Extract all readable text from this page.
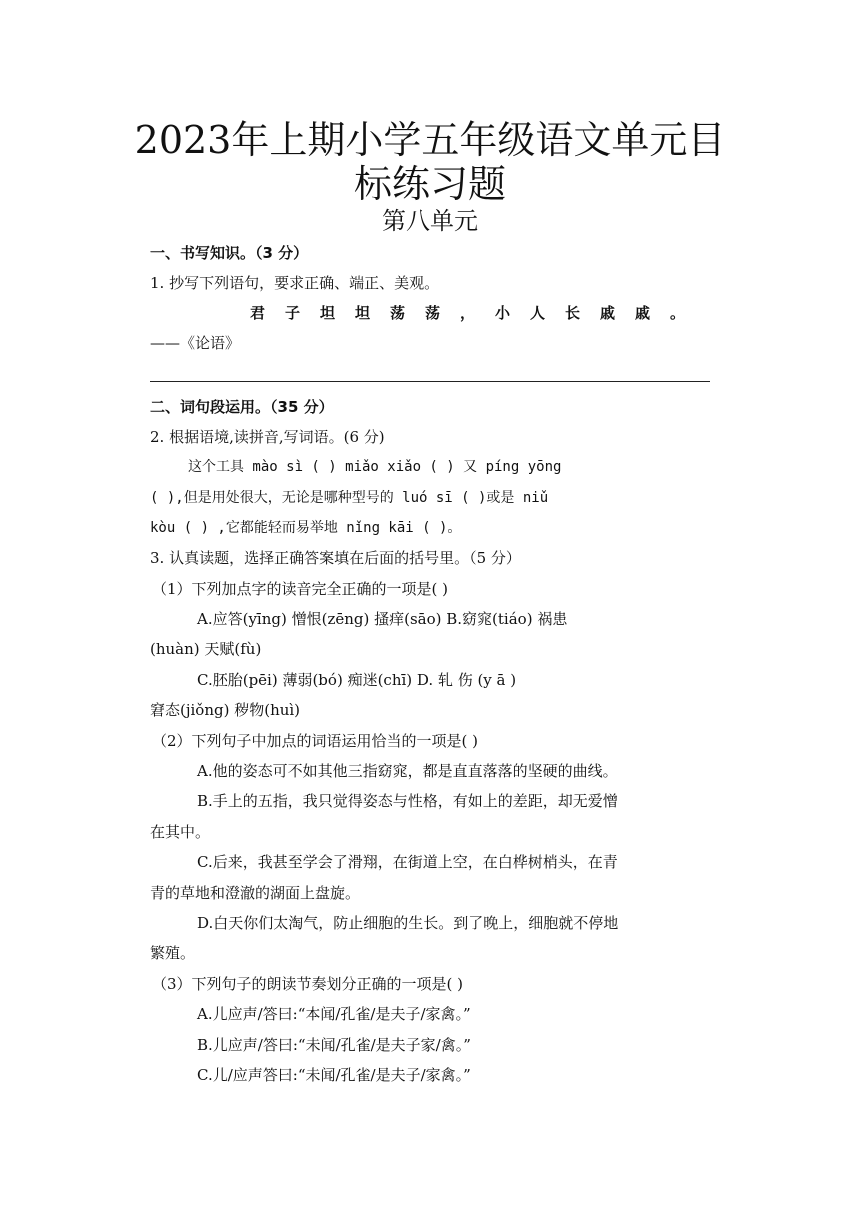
2023年上期小学五年级语文单元目
标练习题
第八单元
一、书写知识。（3 分）
1. 抄写下列语句，要求正确、端正、美观。
君子坦坦荡荡，小人长戚戚。
——《论语》
二、词句段运用。（35 分）
2. 根据语境,读拼音,写词语。(6 分)
这个工具 mào sì ( ) miǎo xiǎo ( ) 又 píng yōng
( ),但是用处很大，无论是哪种型号的 luó sī ( )或是 niǔ
kòu ( ) ,它都能轻而易举地 nǐng kāi ( )。
3. 认真读题，选择正确答案填在后面的括号里。（5 分）
（1）下列加点字的读音完全正确的一项是( )
A.应答(yīng) 憎恨(zēng) 搔痒(sāo) B.窈窕(tiáo) 祸患
(huàn) 天赋(fù)
C.胚胎(pēi) 薄弱(bó) 痴迷(chī) D. 轧 伤 (y ā )
窘态(jiǒng) 秽物(huì)
（2）下列句子中加点的词语运用恰当的一项是( )
A.他的姿态可不如其他三指窈窕，都是直直落落的坚硬的曲线。
B.手上的五指，我只觉得姿态与性格，有如上的差距，却无爱憎
在其中。
C.后来，我甚至学会了滑翔，在街道上空，在白桦树梢头，在青
青的草地和澄澈的湖面上盘旋。
D.白天你们太淘气，防止细胞的生长。到了晚上，细胞就不停地
繁殖。
（3）下列句子的朗读节奏划分正确的一项是( )
A.儿应声/答曰:“本闻/孔雀/是夫子/家禽。”
B.儿应声/答曰:“未闻/孔雀/是夫子家/禽。”
C.儿/应声答曰:“未闻/孔雀/是夫子/家禽。”
